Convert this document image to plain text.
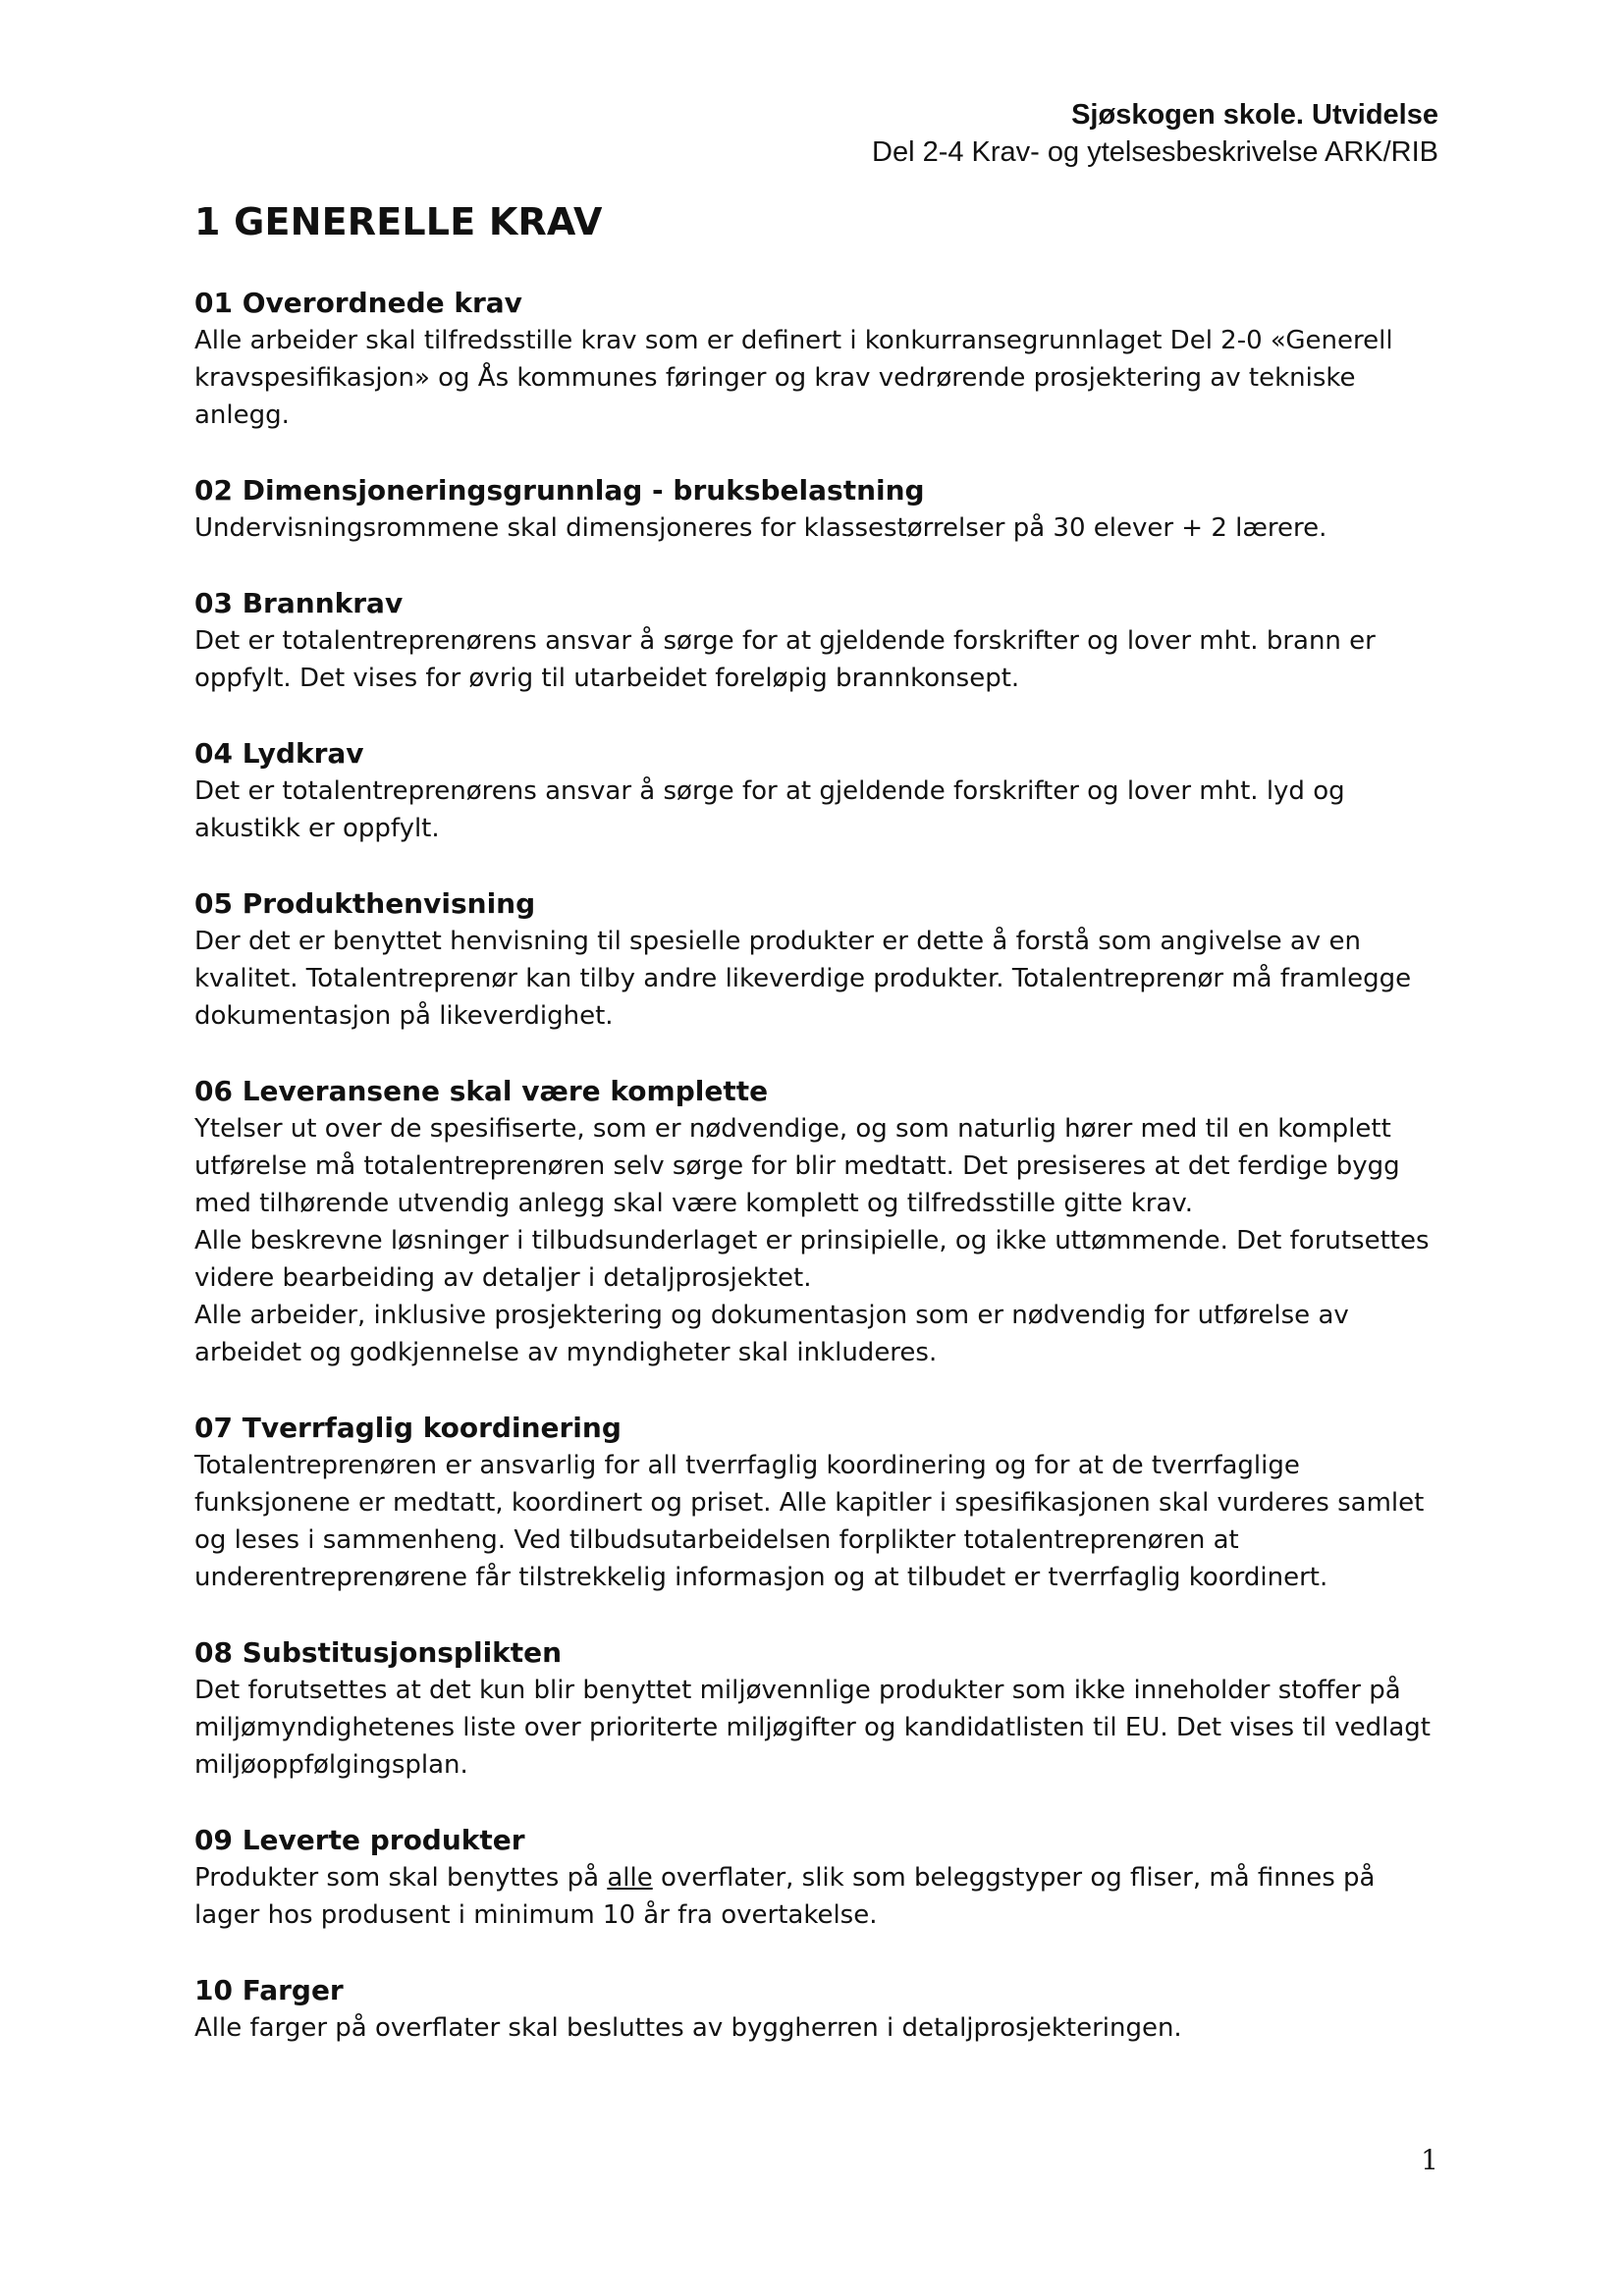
Sjøskogen skole. Utvidelse
Del 2-4 Krav- og ytelsesbeskrivelse ARK/RIB
1 GENERELLE KRAV
01 Overordnede krav

Alle arbeider skal tilfredsstille krav som er definert i konkurransegrunnlaget Del 2-0 «Generell
kravspesifikasjon» og Ås kommunes føringer og krav vedrørende prosjektering av tekniske
anlegg.

02 Dimensjoneringsgrunnlag - bruksbelastning

Undervisningsrommene skal dimensjoneres for klassestørrelser på 30 elever + 2 lærere.

03 Brannkrav

Det er totalentreprenørens ansvar å sørge for at gjeldende forskrifter og lover mht. brann er
oppfylt. Det vises for øvrig til utarbeidet foreløpig brannkonsept.

04 Lydkrav

Det er totalentreprenørens ansvar å sørge for at gjeldende forskrifter og lover mht. lyd og
akustikk er oppfylt.

05 Produkthenvisning

Der det er benyttet henvisning til spesielle produkter er dette å forstå som angivelse av en
kvalitet. Totalentreprenør kan tilby andre likeverdige produkter. Totalentreprenør må framlegge
dokumentasjon på likeverdighet.

06 Leveransene skal være komplette

Ytelser ut over de spesifiserte, som er nødvendige, og som naturlig hører med til en komplett
utførelse må totalentreprenøren selv sørge for blir medtatt. Det presiseres at det ferdige bygg
med tilhørende utvendig anlegg skal være komplett og tilfredsstille gitte krav.
Alle beskrevne løsninger i tilbudsunderlaget er prinsipielle, og ikke uttømmende. Det forutsettes
videre bearbeiding av detaljer i detaljprosjektet.
Alle arbeider, inklusive prosjektering og dokumentasjon som er nødvendig for utførelse av
arbeidet og godkjennelse av myndigheter skal inkluderes.

07 Tverrfaglig koordinering

Totalentreprenøren er ansvarlig for all tverrfaglig koordinering og for at de tverrfaglige
funksjonene er medtatt, koordinert og priset. Alle kapitler i spesifikasjonen skal vurderes samlet
og leses i sammenheng. Ved tilbudsutarbeidelsen forplikter totalentreprenøren at
underentreprenørene får tilstrekkelig informasjon og at tilbudet er tverrfaglig koordinert.

08 Substitusjonsplikten

Det forutsettes at det kun blir benyttet miljøvennlige produkter som ikke inneholder stoffer på
miljømyndighetenes liste over prioriterte miljøgifter og kandidatlisten til EU. Det vises til vedlagt
miljøoppfølgingsplan.

09 Leverte produkter

Produkter som skal benyttes på alle overflater, slik som beleggstyper og fliser, må finnes på
lager hos produsent i minimum 10 år fra overtakelse.

10 Farger

Alle farger på overflater skal besluttes av byggherren i detaljprosjekteringen.

1
